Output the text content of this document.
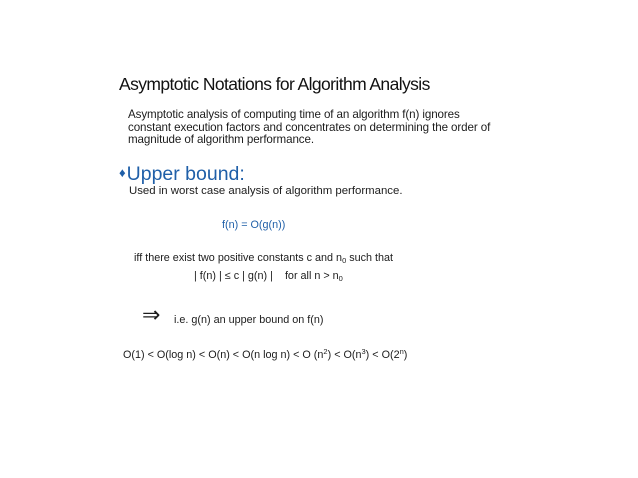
Asymptotic Notations for Algorithm Analysis
Asymptotic analysis of computing time of an algorithm f(n) ignores
constant execution factors and concentrates on determining the order of
magnitude of algorithm performance.
♦Upper bound:
Used in worst case analysis of algorithm performance.
f(n) = O(g(n))
iff there exist two positive constants c and $n_0$ such that
| f(n) | ≤ c | g(n) | for all $n > n_0$
⇒ i.e. g(n) an upper bound on f(n)
O(1) < O(log n) < O(n) < O(n log n) < O $(n^2) < O(n^3) < O(2^n)$
